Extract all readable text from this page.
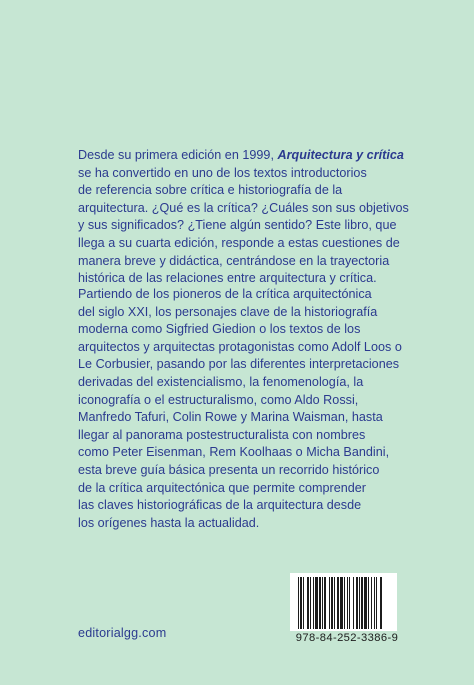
Desde su primera edición en 1999, Arquitectura y crítica
se ha convertido en uno de los textos introductorios
de referencia sobre crítica e historiografía de la
arquitectura. ¿Qué es la crítica? ¿Cuáles son sus objetivos
y sus significados? ¿Tiene algún sentido? Este libro, que
llega a su cuarta edición, responde a estas cuestiones de
manera breve y didáctica, centrándose en la trayectoria
histórica de las relaciones entre arquitectura y crítica.
Partiendo de los pioneros de la crítica arquitectónica
del siglo XXI, los personajes clave de la historiografía
moderna como Sigfried Giedion o los textos de los
arquitectos y arquitectas protagonistas como Adolf Loos o
Le Corbusier, pasando por las diferentes interpretaciones
derivadas del existencialismo, la fenomenología, la
iconografía o el estructuralismo, como Aldo Rossi,
Manfredo Tafuri, Colin Rowe y Marina Waisman, hasta
llegar al panorama postestructuralista con nombres
como Peter Eisenman, Rem Koolhaas o Micha Bandini,
esta breve guía básica presenta un recorrido histórico
de la crítica arquitectónica que permite comprender
las claves historiográficas de la arquitectura desde
los orígenes hasta la actualidad.
editorialgg.com	978-84-252-3386-9
